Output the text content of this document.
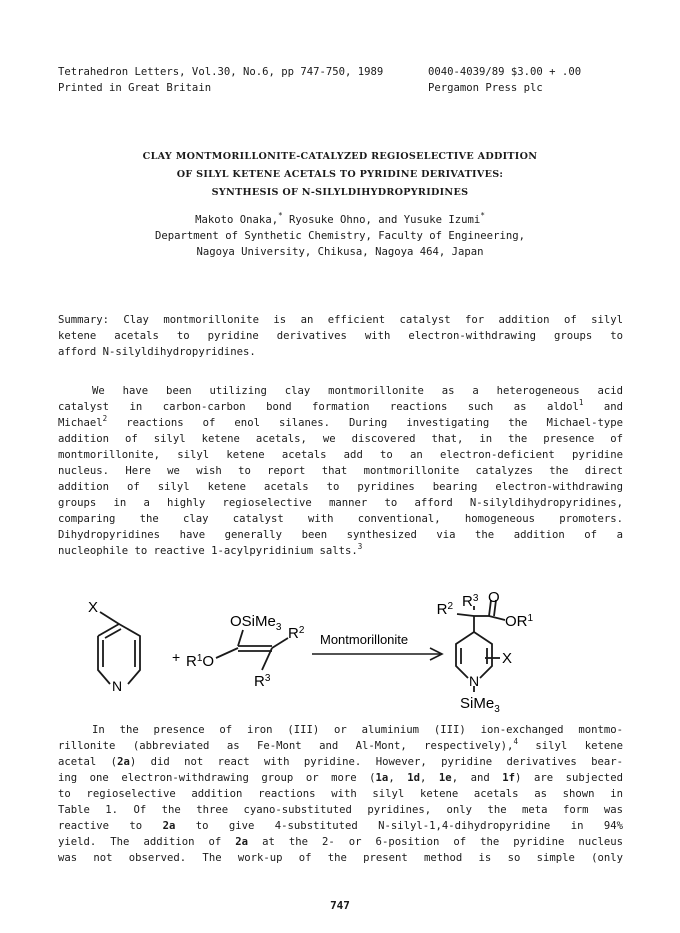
Tetrahedron Letters, Vol.30, No.6, pp 747-750, 1989
Printed in Great Britain
0040-4039/89 $3.00 + .00
Pergamon Press plc
CLAY MONTMORILLONITE-CATALYZED REGIOSELECTIVE ADDITION
OF SILYL KETENE ACETALS TO PYRIDINE DERIVATIVES:
SYNTHESIS OF N-SILYLDIHYDROPYRIDINES
Makoto Onaka,* Ryosuke Ohno, and Yusuke Izumi*
Department of Synthetic Chemistry, Faculty of Engineering,
Nagoya University, Chikusa, Nagoya 464, Japan
Summary: Clay montmorillonite is an efficient catalyst for addition of silyl
ketene acetals to pyridine derivatives with electron-withdrawing groups to
afford N-silyldihydropyridines.
We have been utilizing clay montmorillonite as a heterogeneous acid
catalyst in carbon-carbon bond formation reactions such as aldol$^1$ and
Michael$^2$ reactions of enol silanes. During investigating the Michael-type
addition of silyl ketene acetals, we discovered that, in the presence of
montmorillonite, silyl ketene acetals add to an electron-deficient pyridine
nucleus. Here we wish to report that montmorillonite catalyzes the direct
addition of silyl ketene acetals to pyridines bearing electron-withdrawing
groups in a highly regioselective manner to afford N-silyldihydropyridines,
comparing the clay catalyst with conventional, homogeneous promoters.
Dihydropyridines have generally been synthesized via the addition of a
nucleophile to reactive 1-acylpyridinium salts.$^3$
X
N
+
OSiMe$_3$
$R^1O$
$R^2$
$R^3$
Montmorillonite
$R^2$ $R^3$ O
$OR^1$
X
N
SiMe$_3$
In the presence of iron (III) or aluminium (III) ion-exchanged montmo-
rillonite (abbreviated as Fe-Mont and Al-Mont, respectively),$^4$ silyl ketene
acetal (2a) did not react with pyridine. However, pyridine derivatives bear-
ing one electron-withdrawing group or more (1a, 1d, 1e, and 1f) are subjected
to regioselective addition reactions with silyl ketene acetals as shown in
Table 1. Of the three cyano-substituted pyridines, only the meta form was
reactive to 2a to give 4-substituted N-silyl-1,4-dihydropyridine in 94%
yield. The addition of 2a at the 2- or 6-position of the pyridine nucleus
was not observed. The work-up of the present method is so simple (only
747
